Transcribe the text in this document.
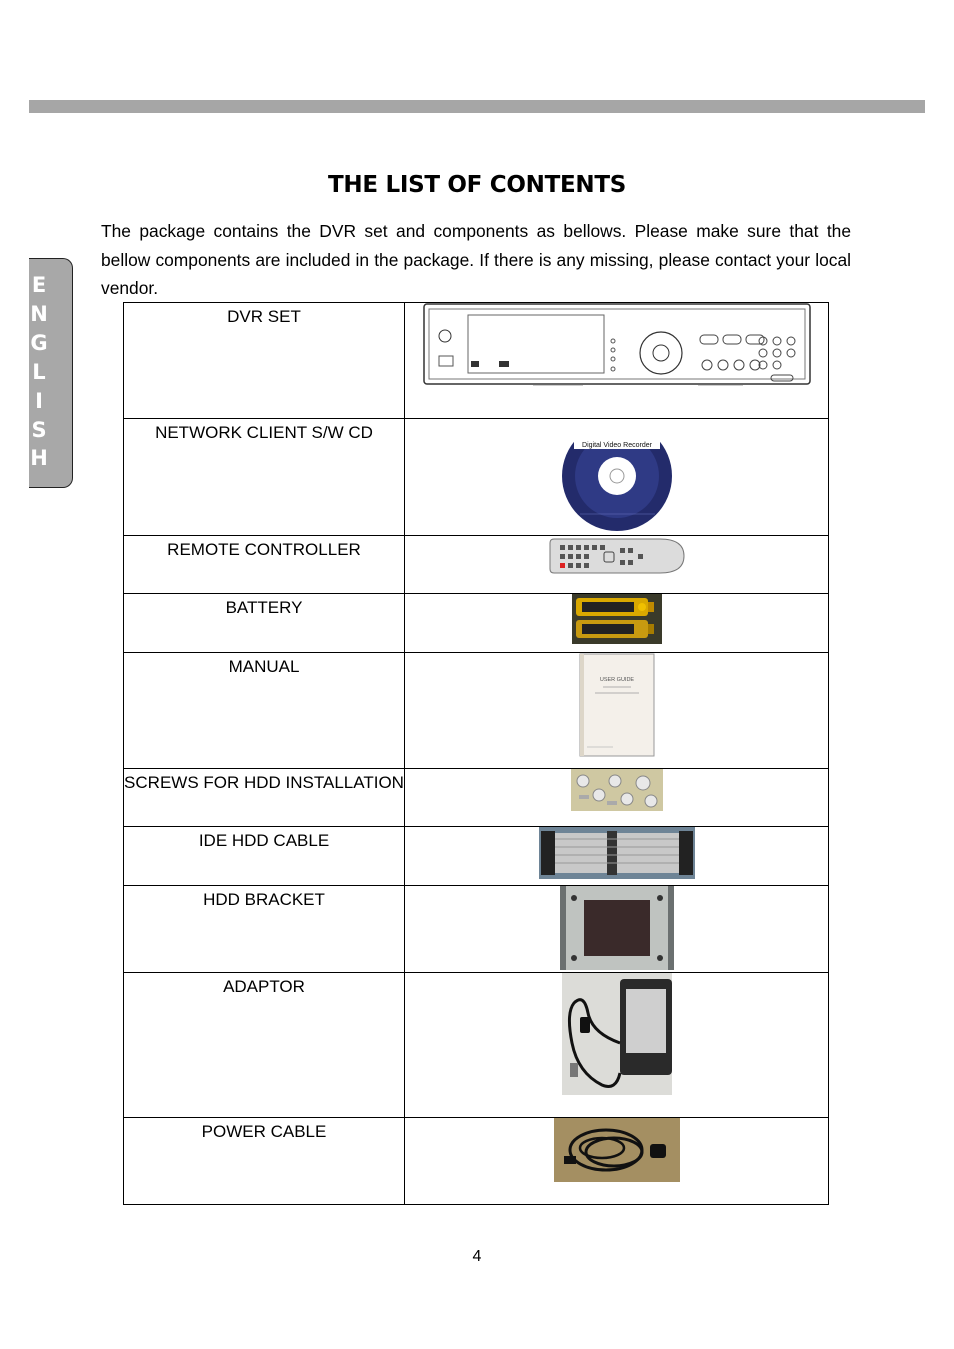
E
N
G
L
I
S
H
THE LIST OF CONTENTS
The package contains the DVR set and components as bellows. Please make sure that the bellow components are included in the package. If there is any missing, please contact your local vendor.
DVR SET	

NETWORK CLIENT S/W CD	Digital Video Recorder

REMOTE CONTROLLER	

BATTERY	

MANUAL	USER GUIDE

SCREWS FOR HDD INSTALLATION	

IDE HDD CABLE	

HDD BRACKET	

ADAPTOR	

POWER CABLE	
4
